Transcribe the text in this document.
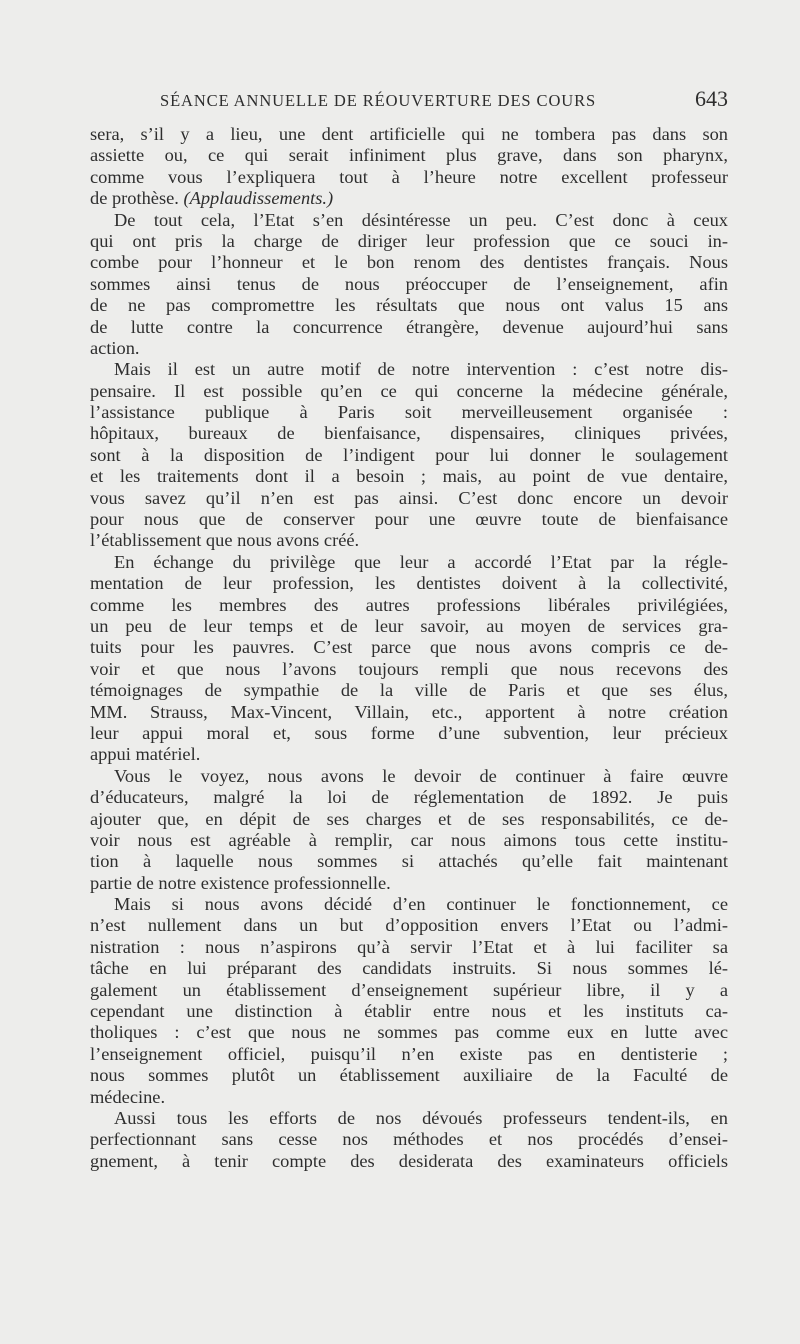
SÉANCE ANNUELLE DE RÉOUVERTURE DES COURS	643
sera, s’il y a lieu, une dent artificielle qui ne tombera pas dans son
assiette ou, ce qui serait infiniment plus grave, dans son pharynx,
comme vous l’expliquera tout à l’heure notre excellent professeur
de prothèse. (Applaudissements.)
De tout cela, l’Etat s’en désintéresse un peu. C’est donc à ceux
qui ont pris la charge de diriger leur profession que ce souci in-
combe pour l’honneur et le bon renom des dentistes français. Nous
sommes ainsi tenus de nous préoccuper de l’enseignement, afin
de ne pas compromettre les résultats que nous ont valus 15 ans
de lutte contre la concurrence étrangère, devenue aujourd’hui sans
action.
Mais il est un autre motif de notre intervention : c’est notre dis-
pensaire. Il est possible qu’en ce qui concerne la médecine générale,
l’assistance publique à Paris soit merveilleusement organisée :
hôpitaux, bureaux de bienfaisance, dispensaires, cliniques privées,
sont à la disposition de l’indigent pour lui donner le soulagement
et les traitements dont il a besoin ; mais, au point de vue dentaire,
vous savez qu’il n’en est pas ainsi. C’est donc encore un devoir
pour nous que de conserver pour une œuvre toute de bienfaisance
l’établissement que nous avons créé.
En échange du privilège que leur a accordé l’Etat par la régle-
mentation de leur profession, les dentistes doivent à la collectivité,
comme les membres des autres professions libérales privilégiées,
un peu de leur temps et de leur savoir, au moyen de services gra-
tuits pour les pauvres. C’est parce que nous avons compris ce de-
voir et que nous l’avons toujours rempli que nous recevons des
témoignages de sympathie de la ville de Paris et que ses élus,
MM. Strauss, Max-Vincent, Villain, etc., apportent à notre création
leur appui moral et, sous forme d’une subvention, leur précieux
appui matériel.
Vous le voyez, nous avons le devoir de continuer à faire œuvre
d’éducateurs, malgré la loi de réglementation de 1892. Je puis
ajouter que, en dépit de ses charges et de ses responsabilités, ce de-
voir nous est agréable à remplir, car nous aimons tous cette institu-
tion à laquelle nous sommes si attachés qu’elle fait maintenant
partie de notre existence professionnelle.
Mais si nous avons décidé d’en continuer le fonctionnement, ce
n’est nullement dans un but d’opposition envers l’Etat ou l’admi-
nistration : nous n’aspirons qu’à servir l’Etat et à lui faciliter sa
tâche en lui préparant des candidats instruits. Si nous sommes lé-
galement un établissement d’enseignement supérieur libre, il y a
cependant une distinction à établir entre nous et les instituts ca-
tholiques : c’est que nous ne sommes pas comme eux en lutte avec
l’enseignement officiel, puisqu’il n’en existe pas en dentisterie ;
nous sommes plutôt un établissement auxiliaire de la Faculté de
médecine.
Aussi tous les efforts de nos dévoués professeurs tendent-ils, en
perfectionnant sans cesse nos méthodes et nos procédés d’ensei-
gnement, à tenir compte des desiderata des examinateurs officiels
